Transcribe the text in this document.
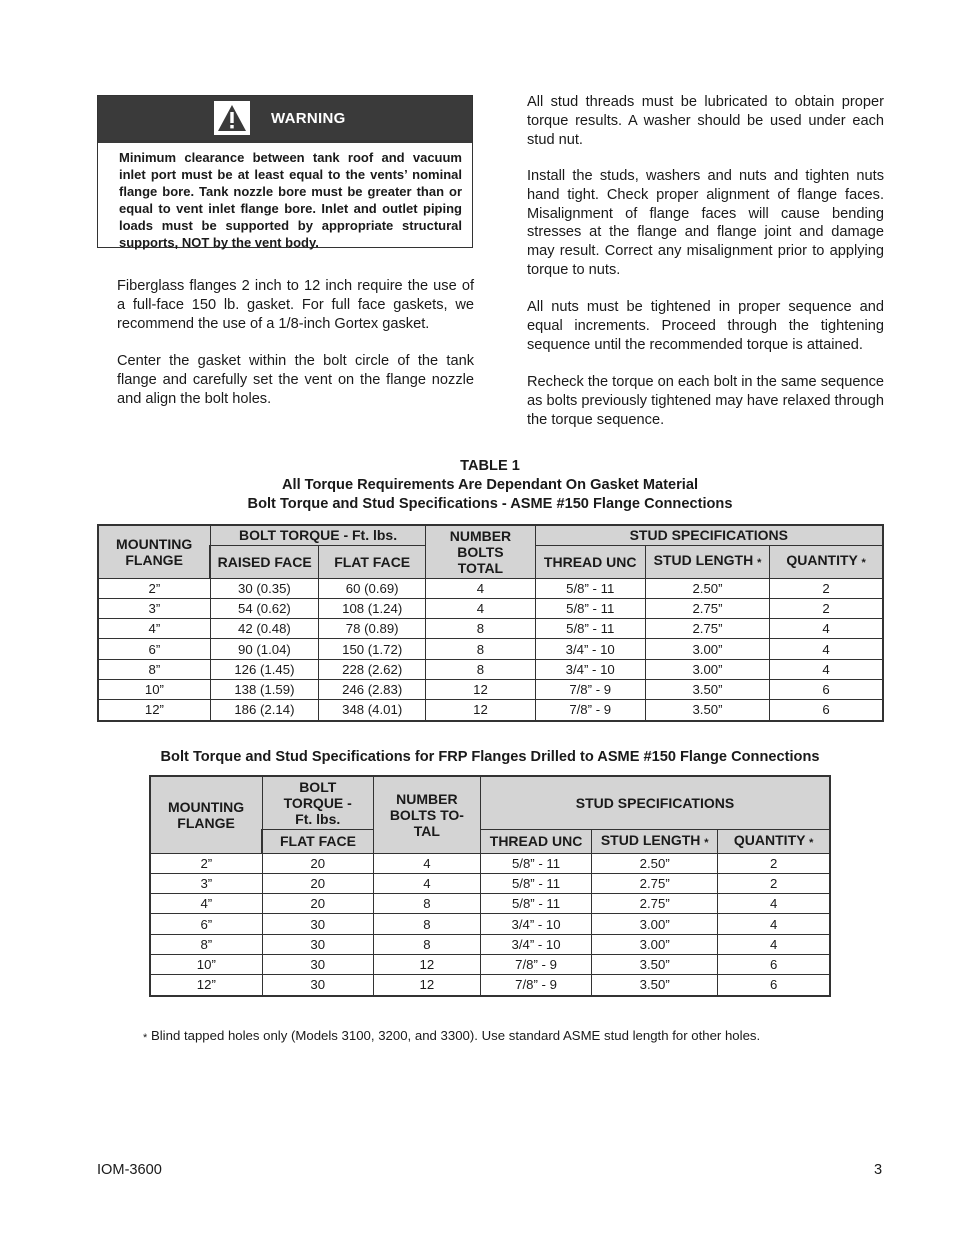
WARNING
Minimum clearance between tank roof and vacuum inlet port must be at least equal to the vents’ nominal flange bore. Tank nozzle bore must be greater than or equal to vent inlet flange bore. Inlet and outlet piping loads must be supported by appropriate structural supports, NOT by the vent body.

Fiberglass flanges 2 inch to 12 inch require the use of a full-face 150 lb. gasket. For full face gaskets, we recommend the use of a 1/8-inch Gortex gasket.

Center the gasket within the bolt circle of the tank flange and carefully set the vent on the flange nozzle and align the bolt holes.

All stud threads must be lubricated to obtain proper torque results. A washer should be used under each stud nut.

Install the studs, washers and nuts and tighten nuts hand tight. Check proper alignment of flange faces. Misalignment of flange faces will cause bending stresses at the flange and flange joint and damage may result. Correct any misalignment prior to applying torque to nuts.

All nuts must be tightened in proper sequence and equal increments. Proceed through the tightening sequence until the recommended torque is attained.

Recheck the torque on each bolt in the same sequence as bolts previously tightened may have relaxed through the torque sequence.

TABLE 1
All Torque Requirements Are Dependant On Gasket Material
Bolt Torque and Stud Specifications - ASME #150 Flange Connections
MOUNTING FLANGE	BOLT TORQUE - Ft. lbs.		NUMBER BOLTS TOTAL	STUD SPECIFICATIONS		
	RAISED FACE	FLAT FACE		THREAD UNC	STUD LENGTH *	QUANTITY *
2”	30 (0.35)	60 (0.69)	4	5/8” - 11	2.50”	2
3”	54 (0.62)	108 (1.24)	4	5/8” - 11	2.75”	2
4”	42 (0.48)	78 (0.89)	8	5/8” - 11	2.75”	4
6”	90 (1.04)	150 (1.72)	8	3/4” - 10	3.00”	4
8”	126 (1.45)	228 (2.62)	8	3/4” - 10	3.00”	4
10”	138 (1.59)	246 (2.83)	12	7/8” - 9	3.50”	6
12”	186 (2.14)	348 (4.01)	12	7/8” - 9	3.50”	6
Bolt Torque and Stud Specifications for FRP Flanges Drilled to ASME #150 Flange Connections
MOUNTING FLANGE	BOLT TORQUE - Ft. lbs.	NUMBER BOLTS TO-TAL	STUD SPECIFICATIONS		
	FLAT FACE		THREAD UNC	STUD LENGTH *	QUANTITY *
2”	20	4	5/8” - 11	2.50”	2
3”	20	4	5/8” - 11	2.75”	2
4”	20	8	5/8” - 11	2.75”	4
6”	30	8	3/4” - 10	3.00”	4
8”	30	8	3/4” - 10	3.00”	4
10”	30	12	7/8” - 9	3.50”	6
12”	30	12	7/8” - 9	3.50”	6
* Blind tapped holes only (Models 3100, 3200, and 3300). Use standard ASME stud length for other holes.
IOM-3600	3
